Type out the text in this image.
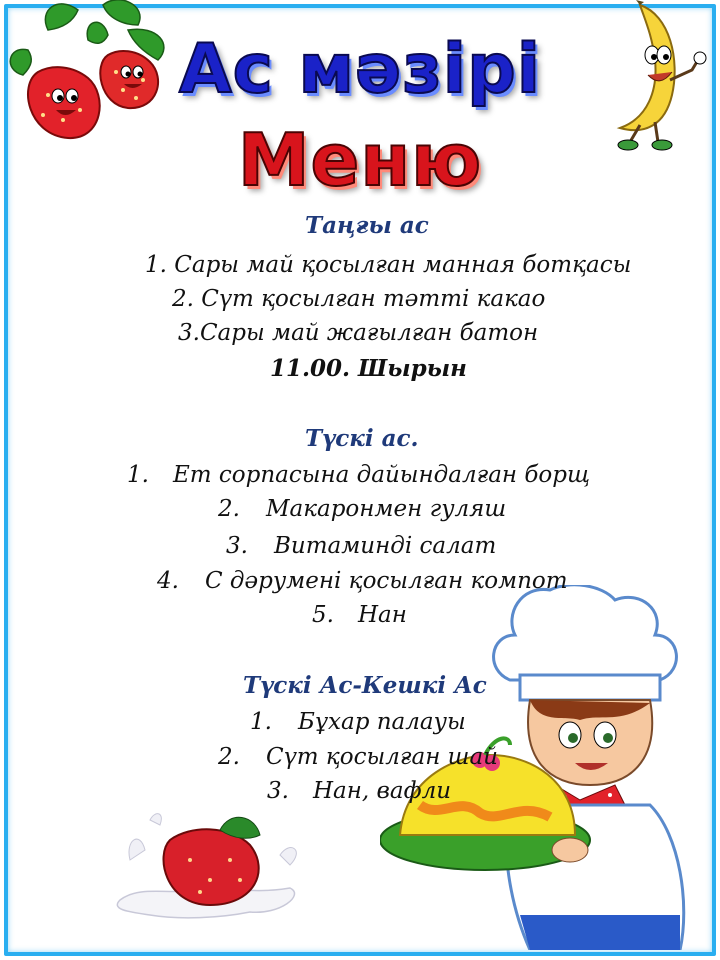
Ас мәзірі
Меню

Таңғы ас

1. Сары май қосылған манная ботқасы

2. Сүт қосылған тәтті какао

3.Сары май жағылған батон

11.00. Шырын

Түскі ас.

1. Ет сорпасына дайындалған борщ

2. Макаронмен гуляш

3. Витаминді салат

4. С дәрумені қосылған компот

5. Нан

Түскі Ас-Кешкі Ас

1. Бұхар палауы

2. Сүт қосылған шай

3. Нан, вафли
